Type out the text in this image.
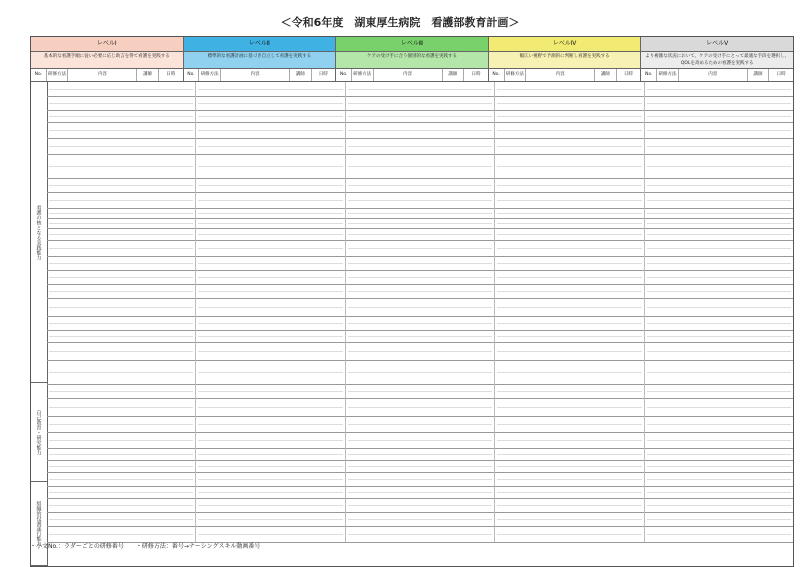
＜令和6年度　湖東厚生病院　看護部教育計画＞
レベルⅠ	レベルⅡ	レベルⅢ	レベルⅣ	レベルⅤ
基本的な看護手順に従い必要に応じ助言を得て看護を実践する	標準的な看護計画に基づき自立して看護を実践する	ケアの受け手に合う個別的な看護を実践する	幅広い視野で予測的に判断し看護を実践する	より複雑な状況において、ケアの受け手にとって最適な手段を選択し、QOLを高めるための看護を実践する
No.	研修方法	内容	講師	日時	No.	研修方法	内容	講師	日時	No.	研修方法	内容	講師	日時	No.	研修方法	内容	講師	日時	No.	研修方法	内容	講師	日時
看護の核となる実践能力
自己教育・研究能力
組織的役割遂行能力
・小文No.：ラダーごとの研修番号　　・研修方法：番号→ナーシングスキル動画番号
